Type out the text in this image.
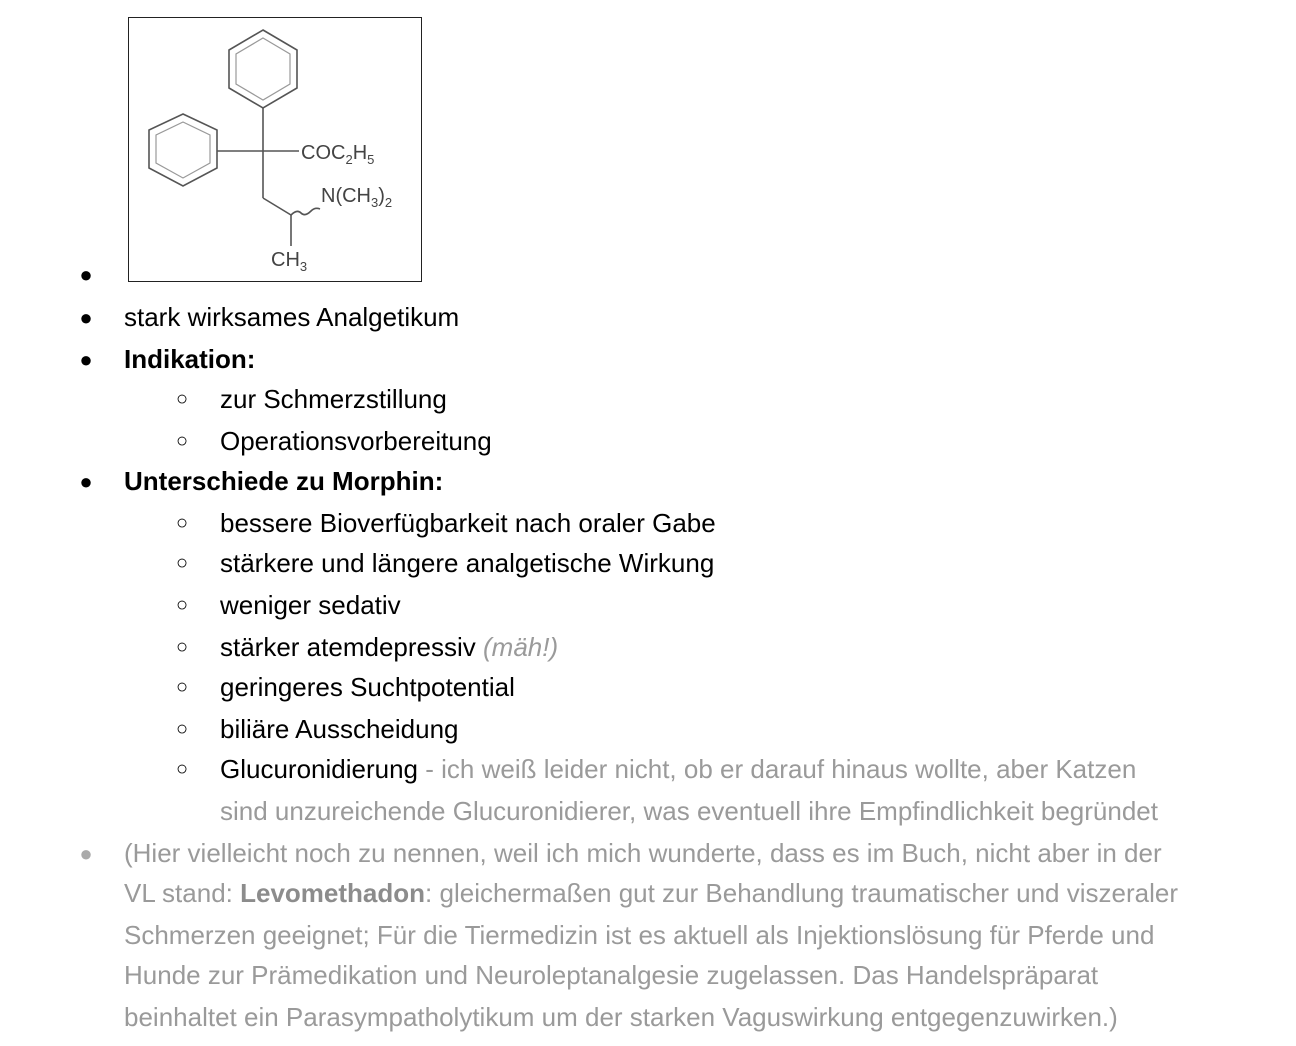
$COC_2H_5$
$N(CH_3)_2$
$CH_3$
●
● stark wirksames Analgetikum
● Indikation:
○ zur Schmerzstillung
○ Operationsvorbereitung
● Unterschiede zu Morphin:
○ bessere Bioverfügbarkeit nach oraler Gabe
○ stärkere und längere analgetische Wirkung
○ weniger sedativ
○ stärker atemdepressiv (mäh!)
○ geringeres Suchtpotential
○ biliäre Ausscheidung
○ Glucuronidierung - ich weiß leider nicht, ob er darauf hinaus wollte, aber Katzen
sind unzureichende Glucuronidierer, was eventuell ihre Empfindlichkeit begründet
● (Hier vielleicht noch zu nennen, weil ich mich wunderte, dass es im Buch, nicht aber in der
VL stand: Levomethadon: gleichermaßen gut zur Behandlung traumatischer und viszeraler
Schmerzen geeignet; Für die Tiermedizin ist es aktuell als Injektionslösung für Pferde und
Hunde zur Prämedikation und Neuroleptanalgesie zugelassen. Das Handelspräparat
beinhaltet ein Parasympatholytikum um der starken Vaguswirkung entgegenzuwirken.)
